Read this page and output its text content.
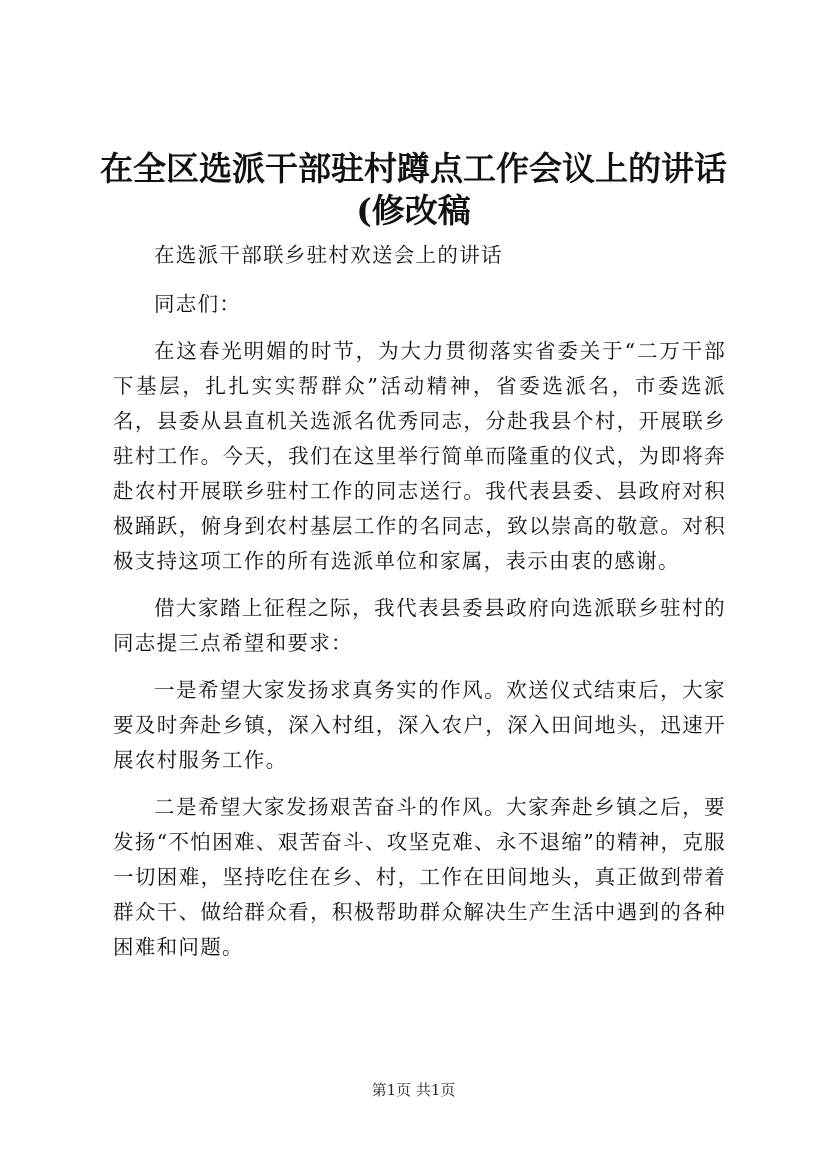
在全区选派干部驻村蹲点工作会议上的讲话
(修改稿

在选派干部联乡驻村欢送会上的讲话

同志们：

在这春光明媚的时节，为大力贯彻落实省委关于“二万干部下基层，扎扎实实帮群众”活动精神，省委选派名，市委选派名，县委从县直机关选派名优秀同志，分赴我县个村，开展联乡驻村工作。今天，我们在这里举行简单而隆重的仪式，为即将奔赴农村开展联乡驻村工作的同志送行。我代表县委、县政府对积极踊跃，俯身到农村基层工作的名同志，致以崇高的敬意。对积极支持这项工作的所有选派单位和家属，表示由衷的感谢。

借大家踏上征程之际，我代表县委县政府向选派联乡驻村的同志提三点希望和要求：

一是希望大家发扬求真务实的作风。欢送仪式结束后，大家要及时奔赴乡镇，深入村组，深入农户，深入田间地头，迅速开展农村服务工作。

二是希望大家发扬艰苦奋斗的作风。大家奔赴乡镇之后，要发扬“不怕困难、艰苦奋斗、攻坚克难、永不退缩”的精神，克服一切困难，坚持吃住在乡、村，工作在田间地头，真正做到带着群众干、做给群众看，积极帮助群众解决生产生活中遇到的各种困难和问题。

第1页 共1页
